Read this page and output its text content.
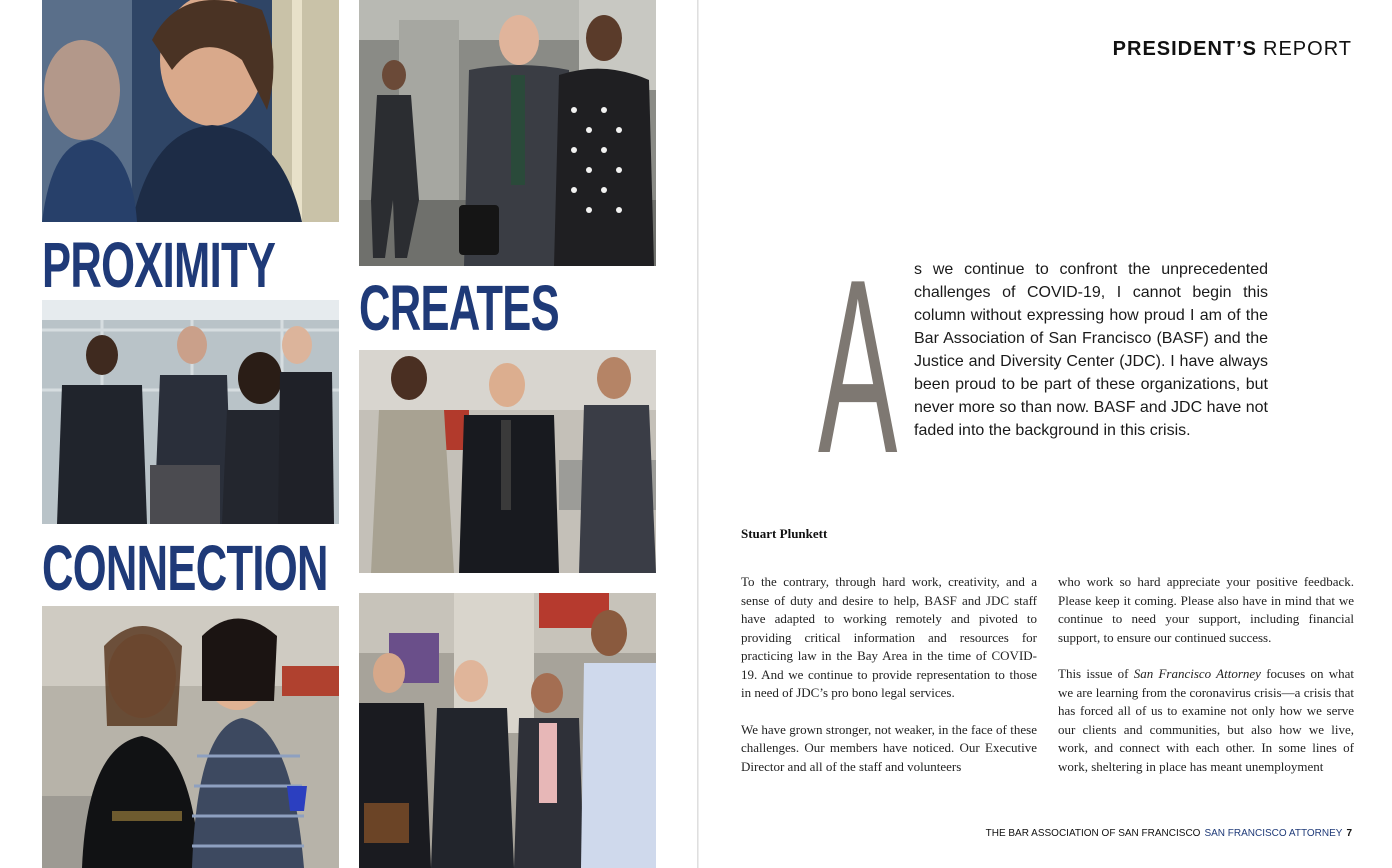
PROXIMITY
CREATES
CONNECTION
PRESIDENT’S REPORT
A s we continue to confront the unprecedented challenges of COVID-19, I cannot begin this column without expressing how proud I am of the Bar Association of San Francisco (BASF) and the Justice and Diversity Center (JDC). I have always been proud to be part of these organizations, but never more so than now. BASF and JDC have not faded into the background in this crisis.
Stuart Plunkett

To the contrary, through hard work, creativity, and a sense of duty and desire to help, BASF and JDC staff have adapted to working remotely and pivoted to providing critical information and resources for practicing law in the Bay Area in the time of COVID-19. And we continue to provide representation to those in need of JDC’s pro bono legal services.

We have grown stronger, not weaker, in the face of these challenges. Our members have noticed. Our Executive Director and all of the staff and volunteers

who work so hard appreciate your positive feedback. Please keep it coming. Please also have in mind that we continue to need your support, including financial support, to ensure our continued success.

This issue of San Francisco Attorney focuses on what we are learning from the coronavirus crisis—a crisis that has forced all of us to examine not only how we serve our clients and communities, but also how we live, work, and connect with each other. In some lines of work, sheltering in place has meant unemployment

THE BAR ASSOCIATION OF SAN FRANCISCO SAN FRANCISCO ATTORNEY 7
